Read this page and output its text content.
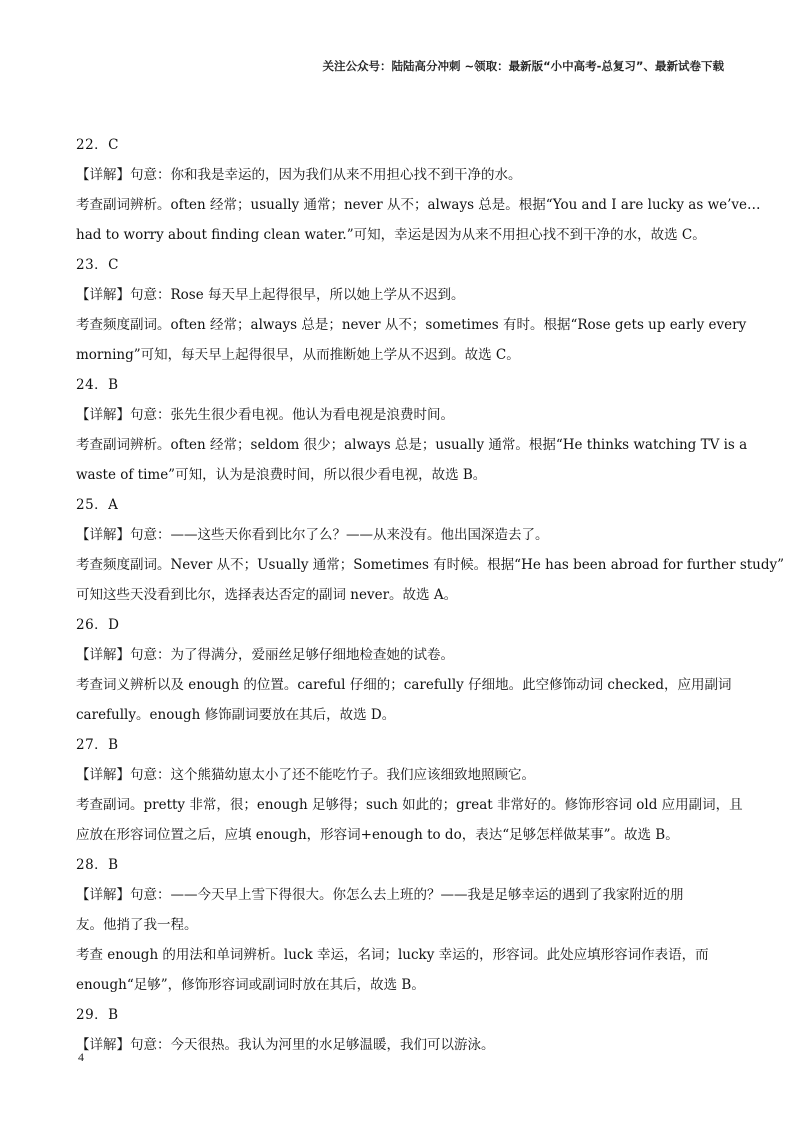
关注公众号：陆陆高分冲刺 ~领取：最新版“小中高考-总复习”、最新试卷下载
22．C
【详解】句意：你和我是幸运的，因为我们从来不用担心找不到干净的水。
考查副词辨析。often 经常；usually 通常；never 从不；always 总是。根据“You and I are lucky as we’ve…
had to worry about finding clean water.”可知，幸运是因为从来不用担心找不到干净的水，故选 C。
23．C
【详解】句意：Rose 每天早上起得很早，所以她上学从不迟到。
考查频度副词。often 经常；always 总是；never 从不；sometimes 有时。根据“Rose gets up early every
morning”可知，每天早上起得很早，从而推断她上学从不迟到。故选 C。
24．B
【详解】句意：张先生很少看电视。他认为看电视是浪费时间。
考查副词辨析。often 经常；seldom 很少；always 总是；usually 通常。根据“He thinks watching TV is a
waste of time”可知，认为是浪费时间，所以很少看电视，故选 B。
25．A
【详解】句意：——这些天你看到比尔了么？——从来没有。他出国深造去了。
考查频度副词。Never 从不；Usually 通常；Sometimes 有时候。根据“He has been abroad for further study”
可知这些天没看到比尔，选择表达否定的副词 never。故选 A。
26．D
【详解】句意：为了得满分，爱丽丝足够仔细地检查她的试卷。
考查词义辨析以及 enough 的位置。careful 仔细的；carefully 仔细地。此空修饰动词 checked，应用副词
carefully。enough 修饰副词要放在其后，故选 D。
27．B
【详解】句意：这个熊猫幼崽太小了还不能吃竹子。我们应该细致地照顾它。
考查副词。pretty 非常，很；enough 足够得；such 如此的；great 非常好的。修饰形容词 old 应用副词，且
应放在形容词位置之后，应填 enough，形容词+enough to do，表达“足够怎样做某事”。故选 B。
28．B
【详解】句意：——今天早上雪下得很大。你怎么去上班的？——我是足够幸运的遇到了我家附近的朋
友。他捎了我一程。
考查 enough 的用法和单词辨析。luck 幸运，名词；lucky 幸运的，形容词。此处应填形容词作表语，而
enough“足够”，修饰形容词或副词时放在其后，故选 B。
29．B
【详解】句意：今天很热。我认为河里的水足够温暖，我们可以游泳。
4
